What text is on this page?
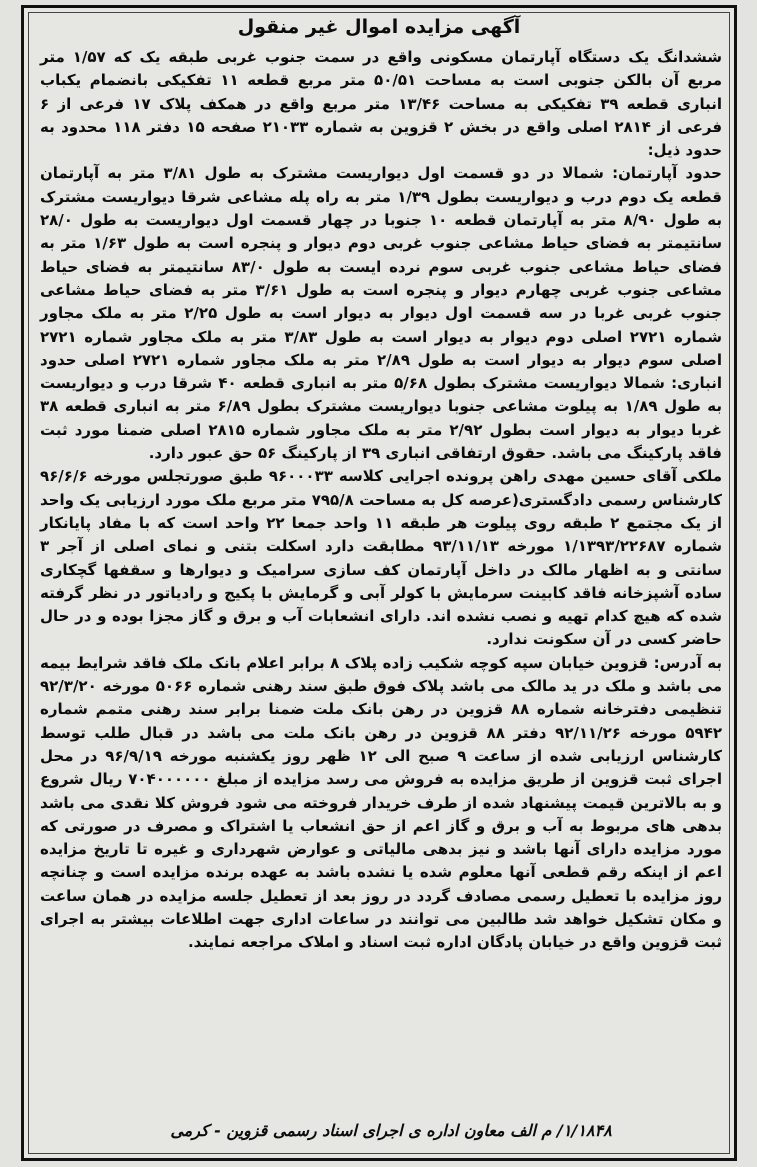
آگهی مزایده اموال غیر منقول

ششدانگ یک دستگاه آپارتمان مسکونی واقع در سمت جنوب غربی طبقه یک که ۱/۵۷ متر مربع آن بالکن جنوبی است به مساحت ۵۰/۵۱ متر مربع قطعه ۱۱ تفکیکی بانضمام یکباب انباری قطعه ۳۹ تفکیکی به مساحت ۱۳/۴۶ متر مربع واقع در همکف پلاک ۱۷ فرعی از ۶ فرعی از ۲۸۱۴ اصلی واقع در بخش ۲ قزوین به شماره ۲۱۰۳۳ صفحه ۱۵ دفتر ۱۱۸ محدود به حدود ذیل:

حدود آپارتمان: شمالا در دو قسمت اول دیواریست مشترک به طول ۳/۸۱ متر به آپارتمان قطعه یک دوم درب و دیواریست بطول ۱/۳۹ متر به راه پله مشاعی شرقا دیواریست مشترک به طول ۸/۹۰ متر به آپارتمان قطعه ۱۰ جنوبا در چهار قسمت اول دیواریست به طول ۲۸/۰ سانتیمتر به فضای حیاط مشاعی جنوب غربی دوم دیوار و پنجره است به طول ۱/۶۳ متر به فضای حیاط مشاعی جنوب غربی سوم نرده ایست به طول ۸۳/۰ سانتیمتر به فضای حیاط مشاعی جنوب غربی چهارم دیوار و پنجره است به طول ۳/۶۱ متر به فضای حیاط مشاعی جنوب غربی غربا در سه قسمت اول دیوار به دیوار است به طول ۲/۲۵ متر به ملک مجاور شماره ۲۷۲۱ اصلی دوم دیوار به دیوار است به طول ۳/۸۳ متر به ملک مجاور شماره ۲۷۲۱ اصلی سوم دیوار به دیوار است به طول ۲/۸۹ متر به ملک مجاور شماره ۲۷۲۱ اصلی حدود انباری: شمالا دیواریست مشترک بطول ۵/۶۸ متر به انباری قطعه ۴۰ شرقا درب و دیواریست به طول ۱/۸۹ به پیلوت مشاعی جنوبا دیواریست مشترک بطول ۶/۸۹ متر به انباری قطعه ۳۸ غربا دیوار به دیوار است بطول ۲/۹۲ متر به ملک مجاور شماره ۲۸۱۵ اصلی ضمنا مورد ثبت فاقد پارکینگ می باشد. حقوق ارتفاقی انباری ۳۹ از پارکینگ ۵۶ حق عبور دارد.

ملکی آقای حسین مهدی راهن پرونده اجرایی کلاسه ۹۶۰۰۰۳۳ طبق صورتجلس مورخه ۹۶/۶/۶ کارشناس رسمی دادگستری(عرصه کل به مساحت ۷۹۵/۸ متر مربع ملک مورد ارزیابی یک واحد از یک مجتمع ۲ طبقه روی پیلوت هر طبقه ۱۱ واحد جمعا ۲۲ واحد است که با مفاد پایانکار شماره ۱/۱۳۹۳/۲۲۶۸۷ مورخه ۹۳/۱۱/۱۳ مطابقت دارد اسکلت بتنی و نمای اصلی از آجر ۳ سانتی و به اظهار مالک در داخل آپارتمان کف سازی سرامیک و دیوارها و سقفها گچکاری ساده آشپزخانه فاقد کابینت سرمایش با کولر آبی و گرمایش با پکیج و رادیاتور در نظر گرفته شده که هیچ کدام تهیه و نصب نشده اند. دارای انشعابات آب و برق و گاز مجزا بوده و در حال حاضر کسی در آن سکونت ندارد.

به آدرس: قزوین خیابان سپه کوچه شکیب زاده پلاک ۸ برابر اعلام بانک ملک فاقد شرایط بیمه می باشد و ملک در ید مالک می باشد پلاک فوق طبق سند رهنی شماره ۵۰۶۶ مورخه ۹۲/۳/۲۰ تنظیمی دفترخانه شماره ۸۸ قزوین در رهن بانک ملت ضمنا برابر سند رهنی متمم شماره ۵۹۴۲ مورخه ۹۲/۱۱/۲۶ دفتر ۸۸ قزوین در رهن بانک ملت می باشد در قبال طلب توسط کارشناس ارزیابی شده از ساعت ۹ صبح الی ۱۲ ظهر روز یکشنبه مورخه ۹۶/۹/۱۹ در محل اجرای ثبت قزوین از طریق مزایده به فروش می رسد مزایده از مبلغ ۷۰۴۰۰۰۰۰۰ ریال شروع و به بالاترین قیمت پیشنهاد شده از طرف خریدار فروخته می شود فروش کلا نقدی می باشد بدهی های مربوط به آب و برق و گاز اعم از حق انشعاب یا اشتراک و مصرف در صورتی که مورد مزایده دارای آنها باشد و نیز بدهی مالیاتی و عوارض شهرداری و غیره تا تاریخ مزایده اعم از اینکه رقم قطعی آنها معلوم شده یا نشده باشد به عهده برنده مزایده است و چنانچه روز مزایده با تعطیل رسمی مصادف گردد در روز بعد از تعطیل جلسه مزایده در همان ساعت و مکان تشکیل خواهد شد طالبین می توانند در ساعات اداری جهت اطلاعات بیشتر به اجرای ثبت قزوین واقع در خیابان پادگان اداره ثبت اسناد و املاک مراجعه نمایند.

۱/۱۸۴۸/ م الف معاون اداره ی اجرای اسناد رسمی قزوین - کرمی
